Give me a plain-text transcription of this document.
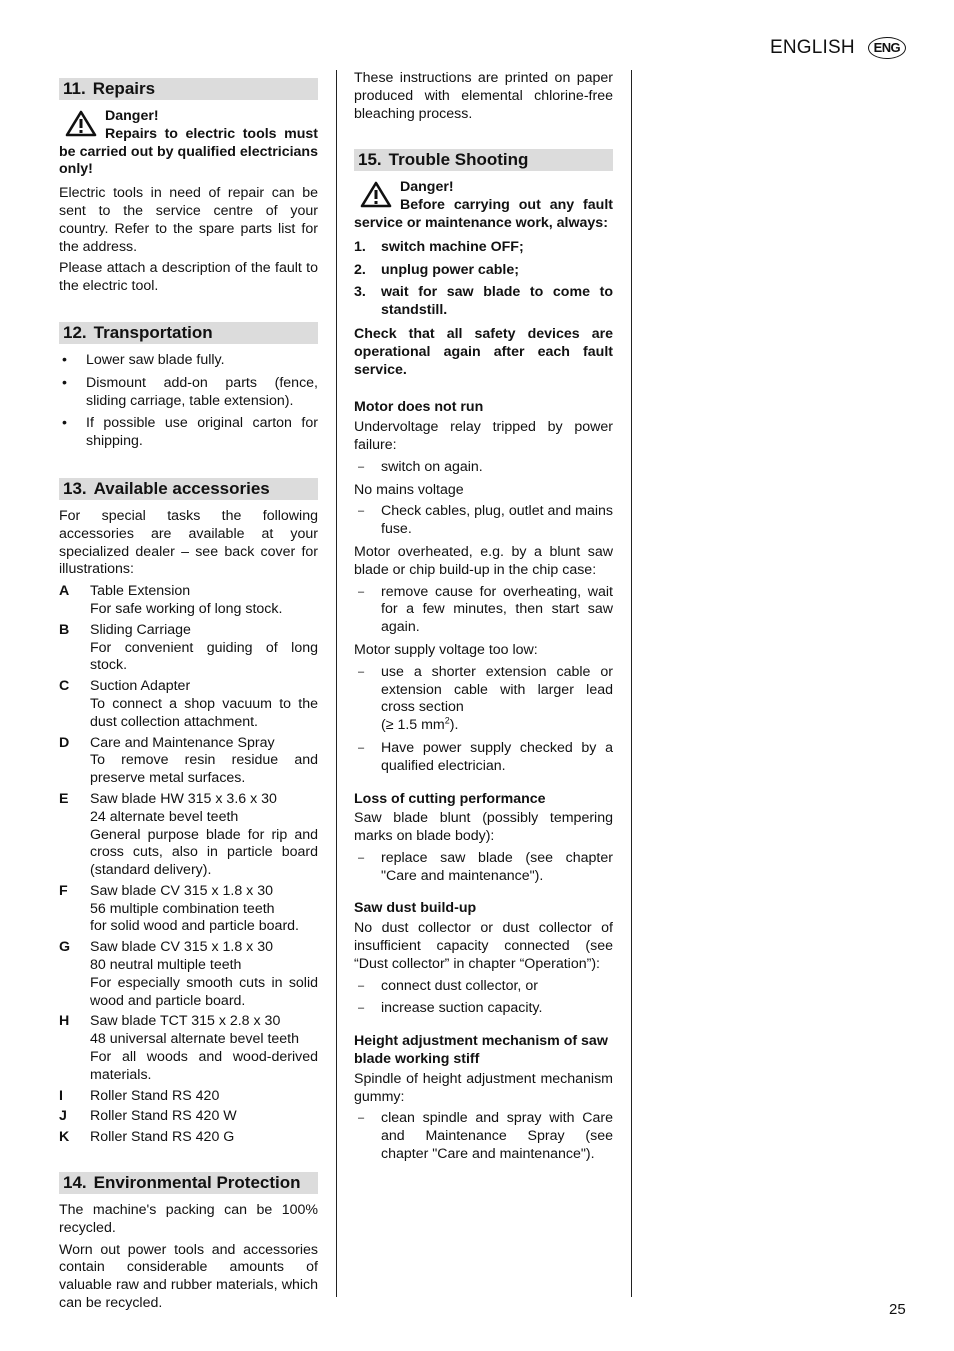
ENGLISH	ENG
11. Repairs
Danger!
Repairs to electric tools must be carried out by qualified electricians only!

Electric tools in need of repair can be sent to the service centre of your country. Refer to the spare parts list for the address.

Please attach a description of the fault to the electric tool.

12. Transportation
• Lower saw blade fully.
• Dismount add-on parts (fence, sliding carriage, table extension).
• If possible use original carton for shipping.
13. Available accessories

For special tasks the following accessories are available at your specialized dealer – see back cover for illustrations:

A Table Extension
For safe working of long stock.
B Sliding Carriage
For convenient guiding of long stock.
C Suction Adapter
To connect a shop vacuum to the dust collection attachment.
D Care and Maintenance Spray
To remove resin residue and preserve metal surfaces.
E Saw blade HW 315 x 3.6 x 30
24 alternate bevel teeth
General purpose blade for rip and cross cuts, also in particle board (standard delivery).
F Saw blade CV 315 x 1.8 x 30
56 multiple combination teeth
for solid wood and particle board.
G Saw blade CV 315 x 1.8 x 30
80 neutral multiple teeth
For especially smooth cuts in solid wood and particle board.
H Saw blade TCT 315 x 2.8 x 30
48 universal alternate bevel teeth
For all woods and wood-derived materials.
I Roller Stand RS 420
J Roller Stand RS 420 W
K Roller Stand RS 420 G
14. Environmental Protection

The machine's packing can be 100% recycled.

Worn out power tools and accessories contain considerable amounts of valuable raw and rubber materials, which can be recycled.

These instructions are printed on paper produced with elemental chlorine-free bleaching process.

15. Trouble Shooting
Danger!
Before carrying out any fault service or maintenance work, always:
1. switch machine OFF;
2. unplug power cable;
3. wait for saw blade to come to standstill.

Check that all safety devices are operational again after each fault service.

Motor does not run

Undervoltage relay tripped by power failure:

– switch on again.

No mains voltage

– Check cables, plug, outlet and mains fuse.

Motor overheated, e.g. by a blunt saw blade or chip build-up in the chip case:

– remove cause for overheating, wait for a few minutes, then start saw again.

Motor supply voltage too low:

– use a shorter extension cable or extension cable with larger lead cross section
(≥ 1.5 $mm^2$).
– Have power supply checked by a qualified electrician.
Loss of cutting performance

Saw blade blunt (possibly tempering marks on blade body):

– replace saw blade (see chapter "Care and maintenance").
Saw dust build-up

No dust collector or dust collector of insufficient capacity connected (see “Dust collector” in chapter “Operation”):

– connect dust collector, or
– increase suction capacity.
Height adjustment mechanism of saw blade working stiff

Spindle of height adjustment mechanism gummy:

– clean spindle and spray with Care and Maintenance Spray (see chapter "Care and maintenance").
25
